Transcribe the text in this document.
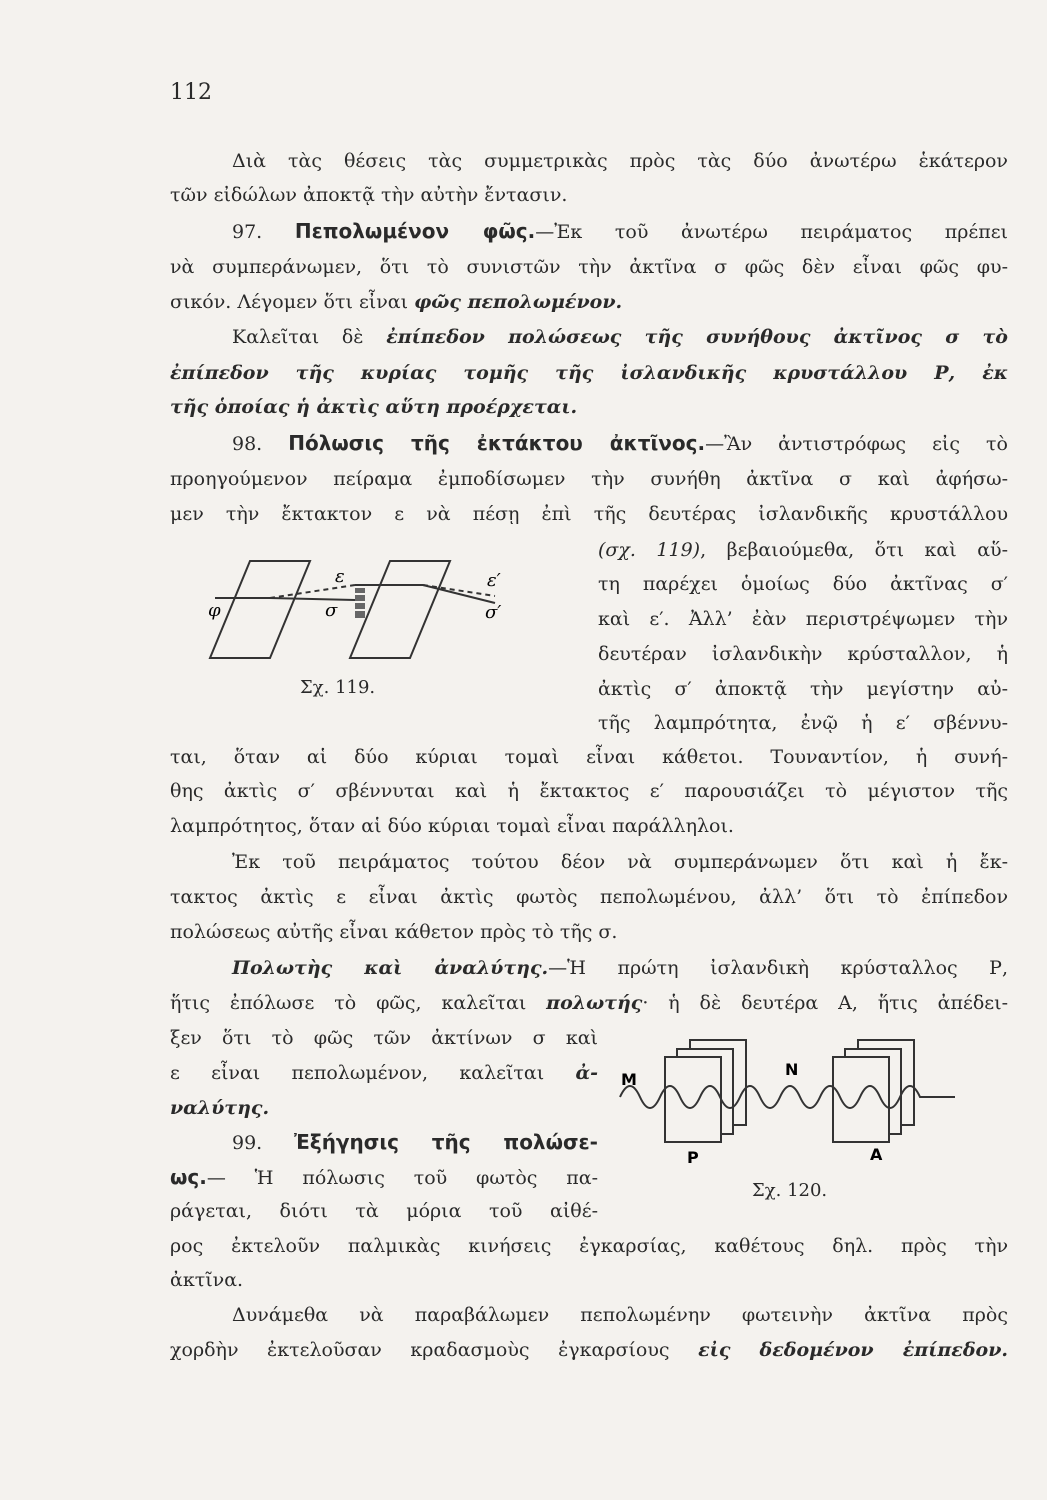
112
Διὰ τὰς θέσεις τὰς συμμετρικὰς πρὸς τὰς δύο ἀνωτέρω ἑκάτερον
τῶν εἰδώλων ἀποκτᾷ τὴν αὐτὴν ἔντασιν.
97. Πεπολωμένον φῶς.—Ἐκ τοῦ ἀνωτέρω πειράματος πρέπει
νὰ συμπεράνωμεν, ὅτι τὸ συνιστῶν τὴν ἀκτῖνα σ φῶς δὲν εἶναι φῶς φυ-
σικόν. Λέγομεν ὅτι εἶναι φῶς πεπολωμένον.
Καλεῖται δὲ ἐπίπεδον πολώσεως τῆς συνήθους ἀκτῖνος σ τὸ
ἐπίπεδον τῆς κυρίας τομῆς τῆς ἰσλανδικῆς κρυστάλλου Ρ, ἐκ
τῆς ὁποίας ἡ ἀκτὶς αὕτη προέρχεται.
98. Πόλωσις τῆς ἐκτάκτου ἀκτῖνος.—Ἂν ἀντιστρόφως εἰς τὸ
προηγούμενον πείραμα ἐμποδίσωμεν τὴν συνήθη ἀκτῖνα σ καὶ ἀφήσω-
μεν τὴν ἔκτακτον ε νὰ πέσῃ ἐπὶ τῆς δευτέρας ἰσλανδικῆς κρυστάλλου
(σχ. 119), βεβαιούμεθα, ὅτι καὶ αὕ-
τη παρέχει ὁμοίως δύο ἀκτῖνας σ′
καὶ ε′. Ἀλλ’ ἐὰν περιστρέψωμεν τὴν
δευτέραν ἰσλανδικὴν κρύσταλλον, ἡ
ἀκτὶς σ′ ἀποκτᾷ τὴν μεγίστην αὐ-
τῆς λαμπρότητα, ἐνῷ ἡ ε′ σβέννυ-
φ
ε
σ
ε′
σ′
Σχ. 119.
ται, ὅταν αἱ δύο κύριαι τομαὶ εἶναι κάθετοι. Τουναντίον, ἡ συνή-
θης ἀκτὶς σ′ σβέννυται καὶ ἡ ἔκτακτος ε′ παρουσιάζει τὸ μέγιστον τῆς
λαμπρότητος, ὅταν αἱ δύο κύριαι τομαὶ εἶναι παράλληλοι.
Ἐκ τοῦ πειράματος τούτου δέον νὰ συμπεράνωμεν ὅτι καὶ ἡ ἔκ-
τακτος ἀκτὶς ε εἶναι ἀκτὶς φωτὸς πεπολωμένου, ἀλλ’ ὅτι τὸ ἐπίπεδον
πολώσεως αὐτῆς εἶναι κάθετον πρὸς τὸ τῆς σ.
Πολωτὴς καὶ ἀναλύτης.—Ἡ πρώτη ἰσλανδικὴ κρύσταλλος Ρ,
ἥτις ἐπόλωσε τὸ φῶς, καλεῖται πολωτής· ἡ δὲ δευτέρα Α, ἥτις ἀπέδει-
ξεν ὅτι τὸ φῶς τῶν ἀκτίνων σ καὶ
ε εἶναι πεπολωμένον, καλεῖται ἀ-
ναλύτης.
99. Ἐξήγησις τῆς πολώσε-
ως.— Ἡ πόλωσις τοῦ φωτὸς πα-
ράγεται, διότι τὰ μόρια τοῦ αἰθέ-
M
N
P	A
Σχ. 120.
ρος ἐκτελοῦν παλμικὰς κινήσεις ἐγκαρσίας, καθέτους δηλ. πρὸς τὴν
ἀκτῖνα.
Δυνάμεθα νὰ παραβάλωμεν πεπολωμένην φωτεινὴν ἀκτῖνα πρὸς
χορδὴν ἐκτελοῦσαν κραδασμοὺς ἐγκαρσίους εἰς δεδομένον ἐπίπεδον.
